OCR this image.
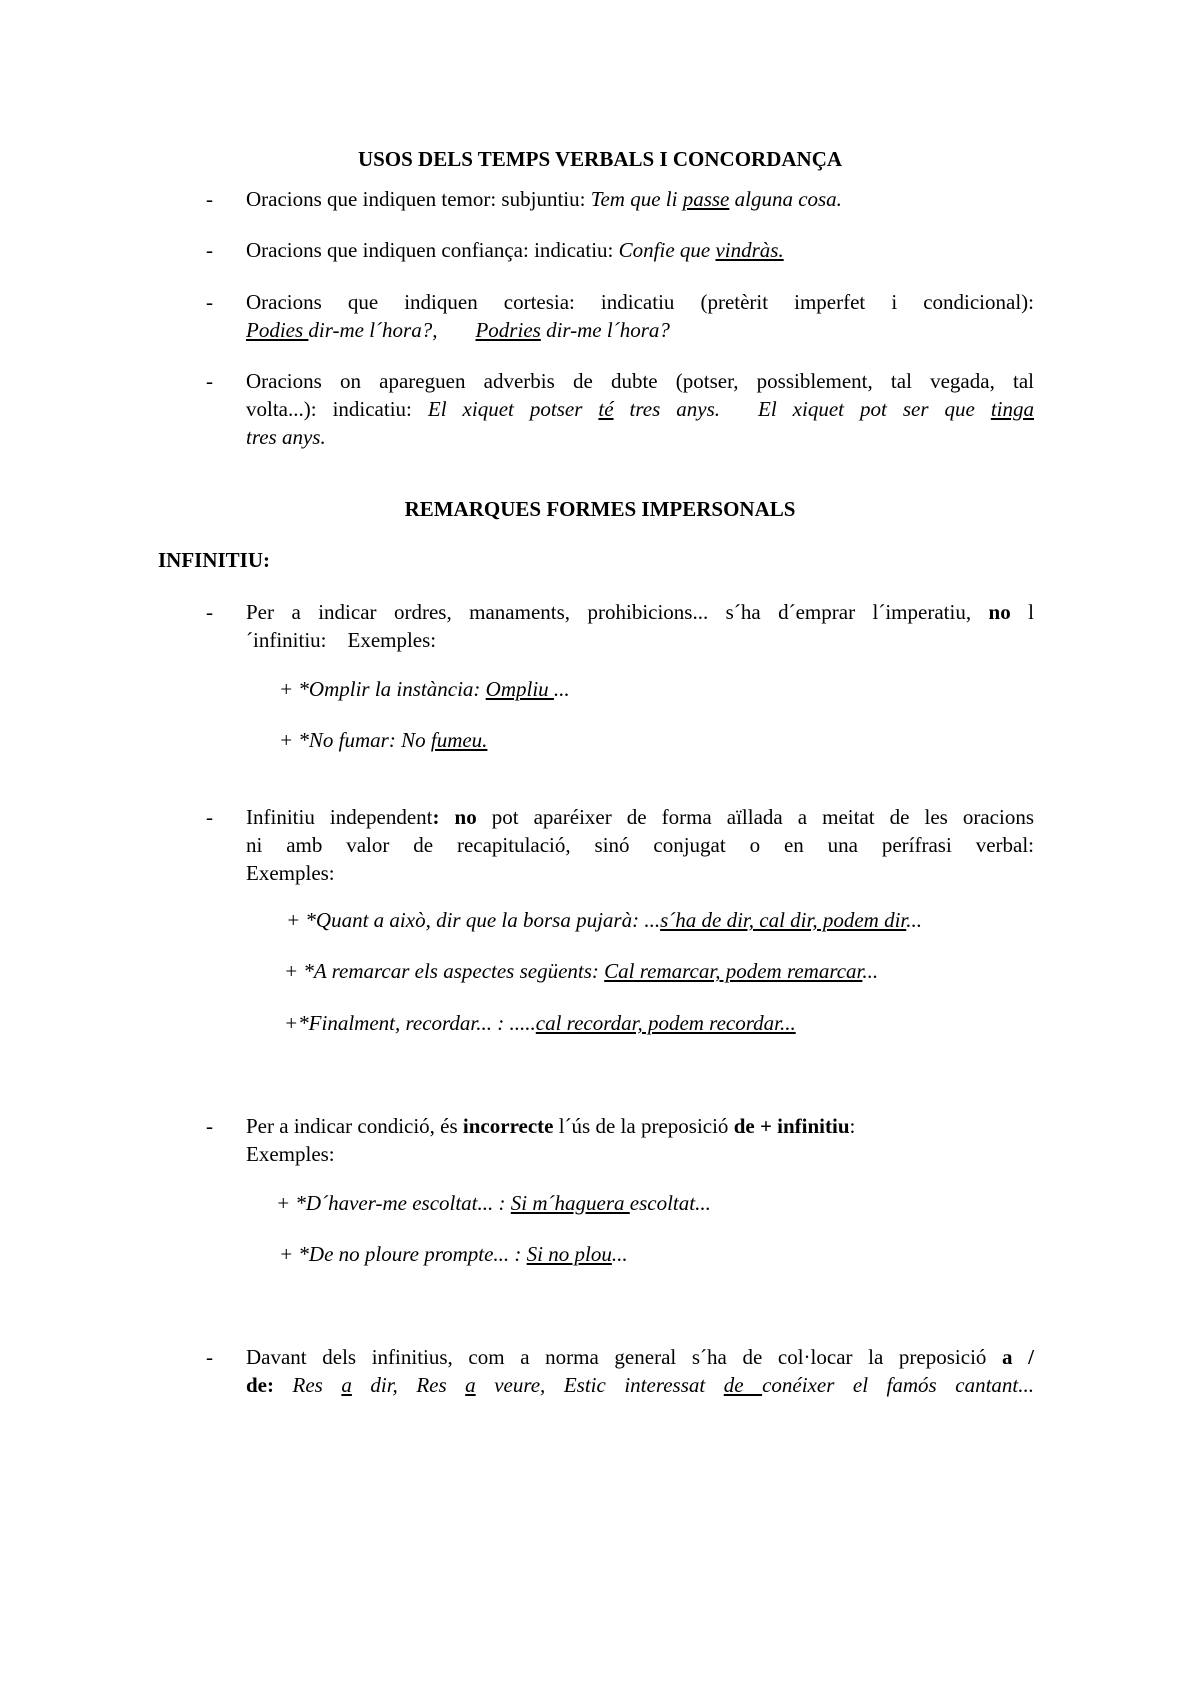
USOS DELS TEMPS VERBALS I CONCORDANÇA
- Oracions que indiquen temor: subjuntiu: Tem que li passe alguna cosa.
- Oracions que indiquen confiança: indicatiu: Confie que vindràs.
- Oracions que indiquen cortesia: indicatiu (pretèrit imperfet i condicional):
Podies dir-me l´hora?, Podries dir-me l´hora?
- Oracions on apareguen adverbis de dubte (potser, possiblement, tal vegada, tal
volta...): indicatiu: El xiquet potser té tres anys. El xiquet pot ser que tinga
tres anys.
REMARQUES FORMES IMPERSONALS
INFINITIU:
- Per a indicar ordres, manaments, prohibicions... s´ha d´emprar l´imperatiu, no l
´infinitiu:    Exemples:
+ *Omplir la instància: Ompliu ...
+ *No fumar: No fumeu.
- Infinitiu independent: no pot aparéixer de forma aïllada a meitat de les oracions
ni amb valor de recapitulació, sinó conjugat o en una perífrasi verbal:
Exemples:
+ *Quant a això, dir que la borsa pujarà: ...s´ha de dir, cal dir, podem dir...
+ *A remarcar els aspectes següents: Cal remarcar, podem remarcar...
+*Finalment, recordar... : .....cal recordar, podem recordar...
- Per a indicar condició, és incorrecte l´ús de la preposició de + infinitiu:
Exemples:
+ *D´haver-me escoltat... : Si m´haguera escoltat...
+ *De no ploure prompte... : Si no plou...
- Davant dels infinitius, com a norma general s´ha de col·locar la preposició a /
de: Res a dir, Res a veure, Estic interessat de conéixer el famós cantant...
